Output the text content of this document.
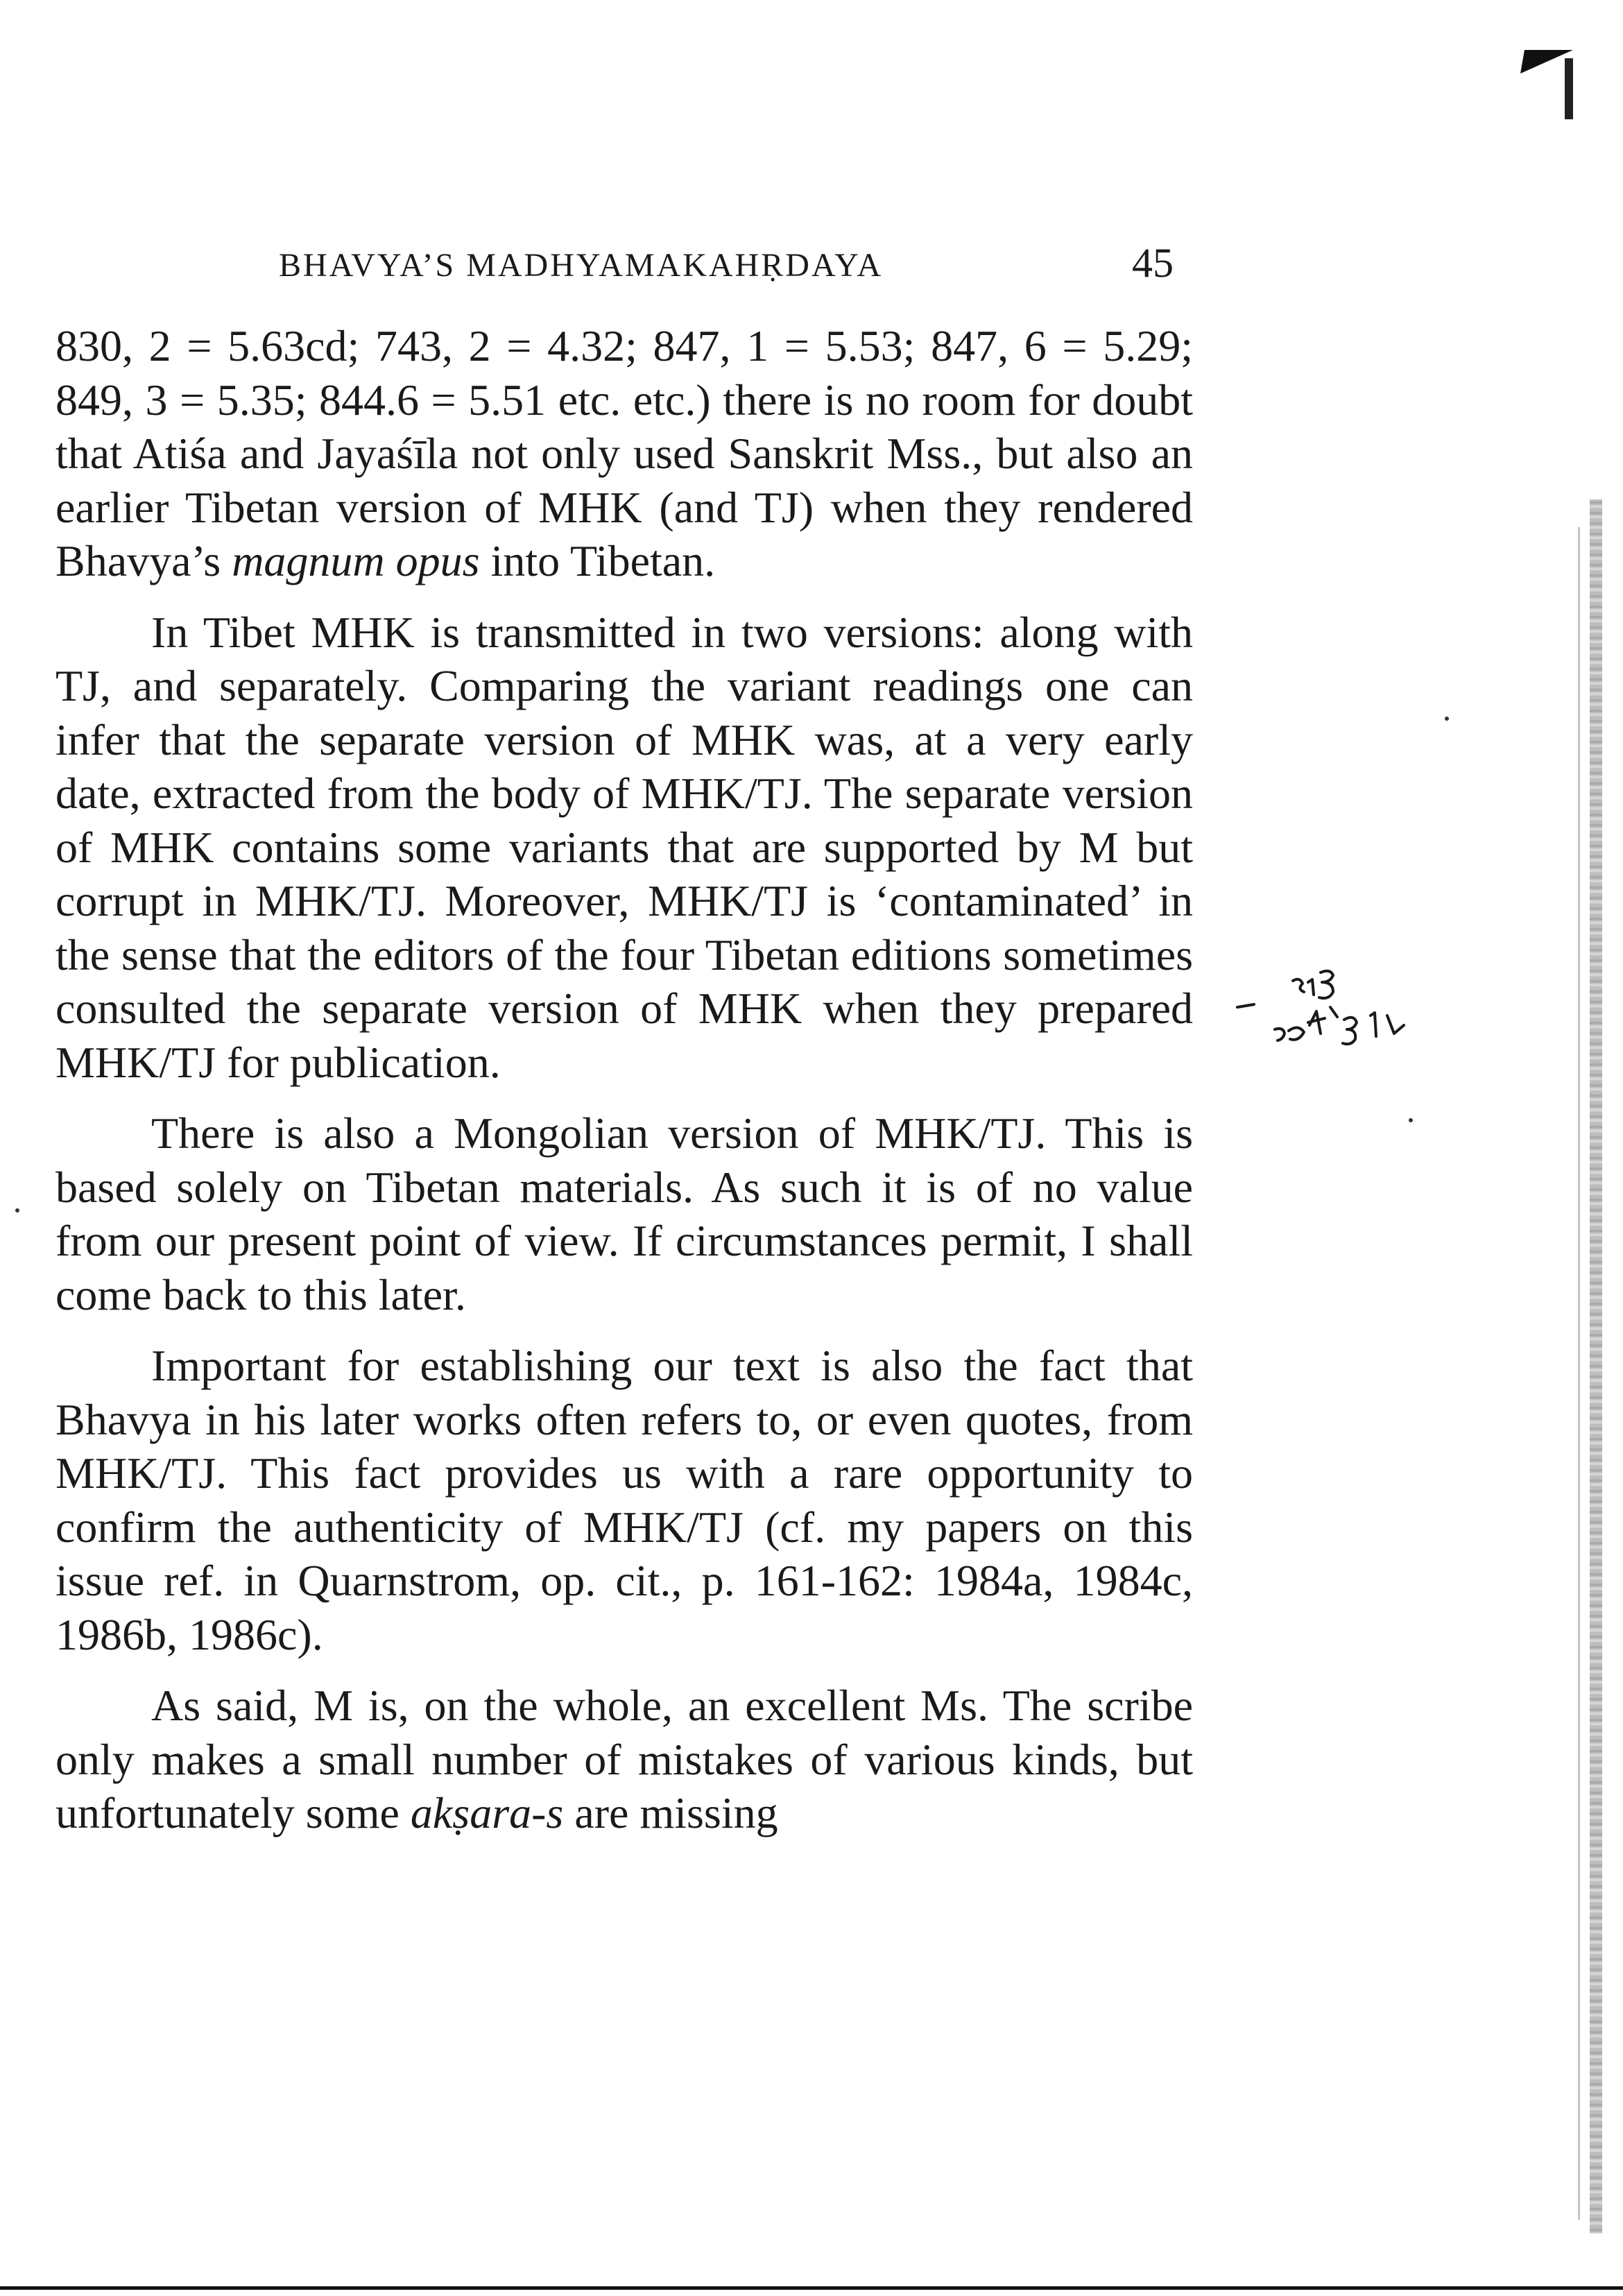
BHAVYA’S MADHYAMAKAHṚDAYA	45

830, 2 = 5.63cd; 743, 2 = 4.32; 847, 1 = 5.53; 847, 6 = 5.29; 849, 3 = 5.35; 844.6 = 5.51 etc. etc.) there is no room for doubt that Atiśa and Jayaśīla not only used Sanskrit Mss., but also an earlier Tibetan version of MHK (and TJ) when they rendered Bhavya’s magnum opus into Tibetan.

In Tibet MHK is transmitted in two versions: along with TJ, and separately. Comparing the variant readings one can infer that the separate version of MHK was, at a very early date, extracted from the body of MHK/TJ. The separate version of MHK contains some variants that are supported by M but corrupt in MHK/TJ. Moreover, MHK/TJ is ‘contaminated’ in the sense that the editors of the four Tibetan editions sometimes consulted the separate version of MHK when they prepared MHK/TJ for publication.

There is also a Mongolian version of MHK/TJ. This is based solely on Tibetan materials. As such it is of no value from our present point of view. If circumstances permit, I shall come back to this later.

Important for establishing our text is also the fact that Bhavya in his later works often refers to, or even quotes, from MHK/TJ. This fact provides us with a rare opportunity to confirm the authenticity of MHK/TJ (cf. my papers on this issue ref. in Quarnstrom, op. cit., p. 161-162: 1984a, 1984c, 1986b, 1986c).

As said, M is, on the whole, an excellent Ms. The scribe only makes a small number of mistakes of various kinds, but unfortunately some akṣara-s are missing
